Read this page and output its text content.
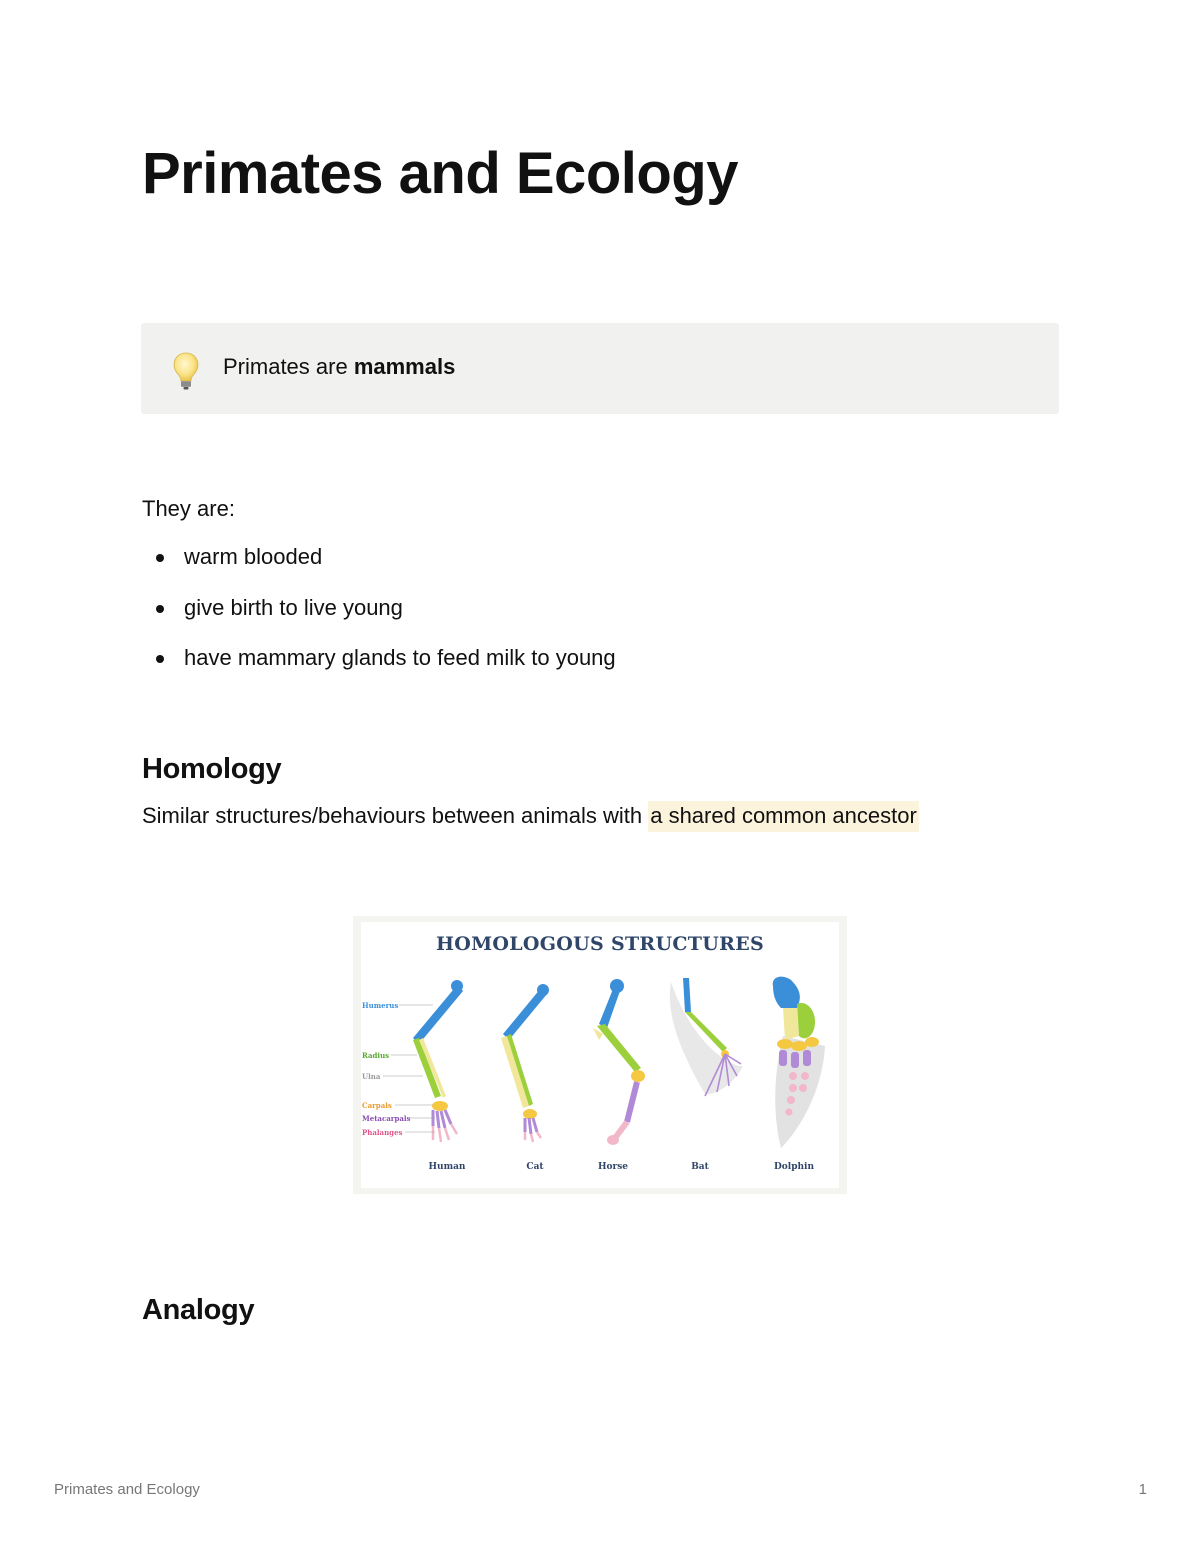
Primates and Ecology
Primates are mammals
They are:
warm blooded
give birth to live young
have mammary glands to feed milk to young
Homology
Similar structures/behaviours between animals with a shared common ancestor
HOMOLOGOUS STRUCTURES
Humerus
Radius
Ulna
Carpals
Metacarpals
Phalanges
Human	Cat	Horse	Bat	Dolphin
Analogy
Primates and Ecology	1
